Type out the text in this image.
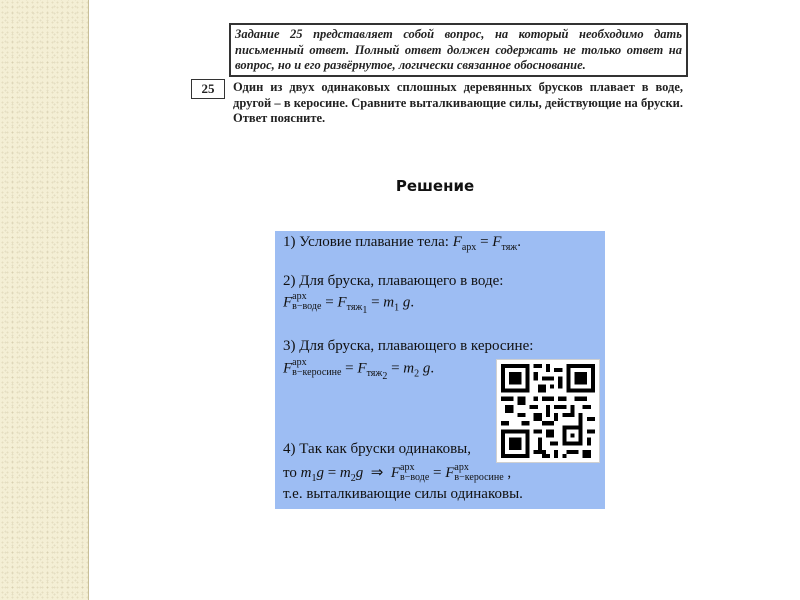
Задание 25 представляет собой вопрос, на который необходимо дать письменный ответ. Полный ответ должен содержать не только ответ на вопрос, но и его развёрнутое, логически связанное обоснование.
25	Один из двух одинаковых сплошных деревянных брусков плавает в воде, другой – в керосине. Сравните выталкивающие силы, действующие на бруски. Ответ поясните.
Решение
1) Условие плавание тела: $F_{арх} = F_{тяж}$.
2) Для бруска, плавающего в воде:
F арх
в−воде = $F_{тяж_1} = m_1$ g.
3) Для бруска, плавающего в керосине:
F арх
в−керосине = $F_{тяж_2} = m_2$ g.
4) Так как бруски одинаковы,
то $m_1g = m_2g$ ⇒ F арх
в−воде = F арх
в−керосине ,
т.е. выталкивающие силы одинаковы.
